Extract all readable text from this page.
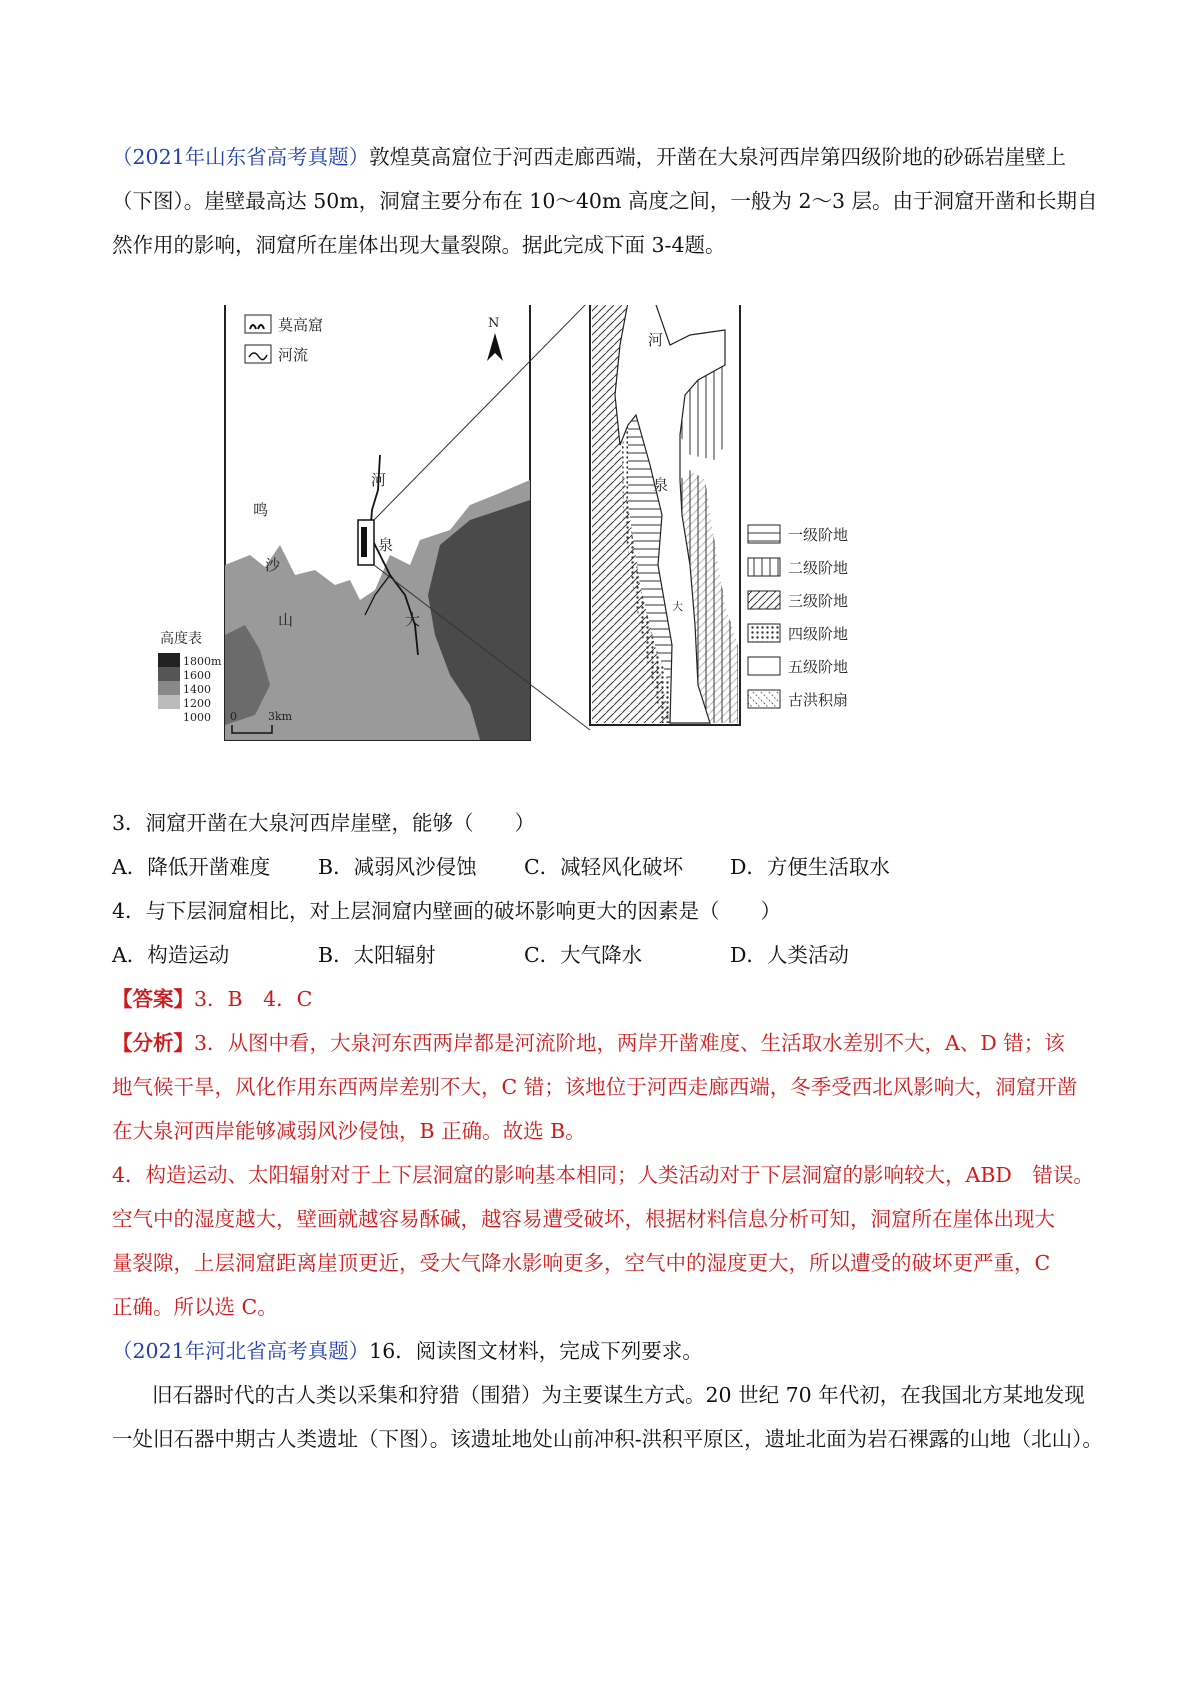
（2021年山东省高考真题）敦煌莫高窟位于河西走廊西端，开凿在大泉河西岸第四级阶地的砂砾岩崖壁上
（下图）。崖壁最高达 50m，洞窟主要分布在 10～40m 高度之间，一般为 2～3 层。由于洞窟开凿和长期自
然作用的影响，洞窟所在崖体出现大量裂隙。据此完成下面 3-4题。
莫高窟
河流
N
河
泉
大
鸣
沙
山
高度表
1800m
1600
1400
1200
1000 0	3km
河
泉
大
一级阶地
二级阶地
三级阶地
四级阶地
五级阶地
古洪积扇
3．洞窟开凿在大泉河西岸崖壁，能够（　　）
A．降低开凿难度 B．减弱风沙侵蚀 C．减轻风化破坏 D．方便生活取水
4．与下层洞窟相比，对上层洞窟内壁画的破坏影响更大的因素是（　　）
A．构造运动	B．太阳辐射	C．大气降水	D．人类活动
【答案】3．B　4．C
【分析】3．从图中看，大泉河东西两岸都是河流阶地，两岸开凿难度、生活取水差别不大，A、D 错；该
地气候干旱，风化作用东西两岸差别不大，C 错；该地位于河西走廊西端，冬季受西北风影响大，洞窟开凿
在大泉河西岸能够减弱风沙侵蚀，B 正确。故选 B。
4．构造运动、太阳辐射对于上下层洞窟的影响基本相同；人类活动对于下层洞窟的影响较大，ABD　错误。
空气中的湿度越大，壁画就越容易酥碱，越容易遭受破坏，根据材料信息分析可知，洞窟所在崖体出现大
量裂隙，上层洞窟距离崖顶更近，受大气降水影响更多，空气中的湿度更大，所以遭受的破坏更严重，C
正确。所以选 C。
（2021年河北省高考真题）16．阅读图文材料，完成下列要求。
旧石器时代的古人类以采集和狩猎（围猎）为主要谋生方式。20 世纪 70 年代初，在我国北方某地发现
一处旧石器中期古人类遗址（下图）。该遗址地处山前冲积-洪积平原区，遗址北面为岩石裸露的山地（北山）。
